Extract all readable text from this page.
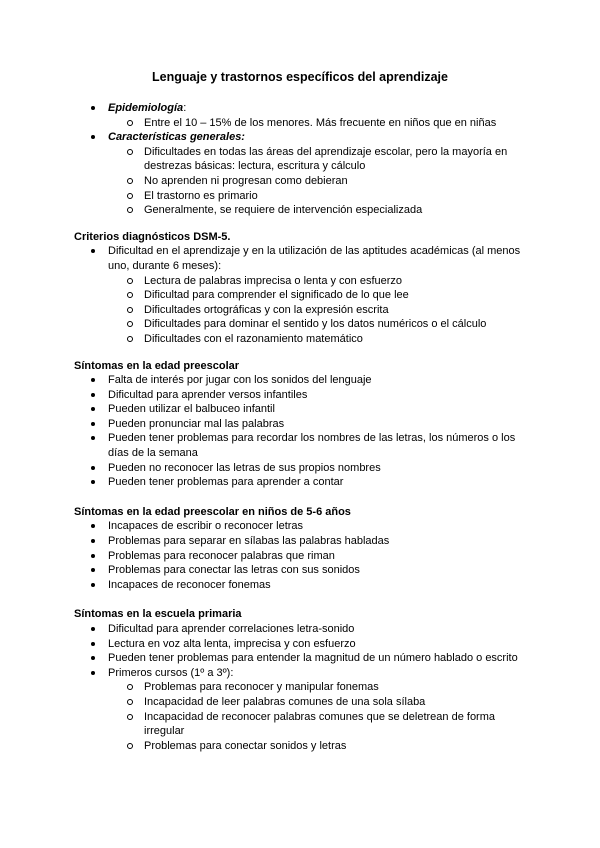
Lenguaje y trastornos específicos del aprendizaje
Epidemiología:
Entre el 10 – 15% de los menores. Más frecuente en niños que en niñas
Características generales:
Dificultades en todas las áreas del aprendizaje escolar, pero la mayoría en destrezas básicas: lectura, escritura y cálculo
No aprenden ni progresan como debieran
El trastorno es primario
Generalmente, se requiere de intervención especializada
Criterios diagnósticos DSM-5.
Dificultad en el aprendizaje y en la utilización de las aptitudes académicas (al menos uno, durante 6 meses):
Lectura de palabras imprecisa o lenta y con esfuerzo
Dificultad para comprender el significado de lo que lee
Dificultades ortográficas y con la expresión escrita
Dificultades para dominar el sentido y los datos numéricos o el cálculo
Dificultades con el razonamiento matemático
Síntomas en la edad preescolar
Falta de interés por jugar con los sonidos del lenguaje
Dificultad para aprender versos infantiles
Pueden utilizar el balbuceo infantil
Pueden pronunciar mal las palabras
Pueden tener problemas para recordar los nombres de las letras, los números o los días de la semana
Pueden no reconocer las letras de sus propios nombres
Pueden tener problemas para aprender a contar
Síntomas en la edad preescolar en niños de 5-6 años
Incapaces de escribir o reconocer letras
Problemas para separar en sílabas las palabras habladas
Problemas para reconocer palabras que riman
Problemas para conectar las letras con sus sonidos
Incapaces de reconocer fonemas
Síntomas en la escuela primaria
Dificultad para aprender correlaciones letra-sonido
Lectura en voz alta lenta, imprecisa y con esfuerzo
Pueden tener problemas para entender la magnitud de un número hablado o escrito
Primeros cursos (1º a 3º):
Problemas para reconocer y manipular fonemas
Incapacidad de leer palabras comunes de una sola sílaba
Incapacidad de reconocer palabras comunes que se deletrean de forma irregular
Problemas para conectar sonidos y letras
